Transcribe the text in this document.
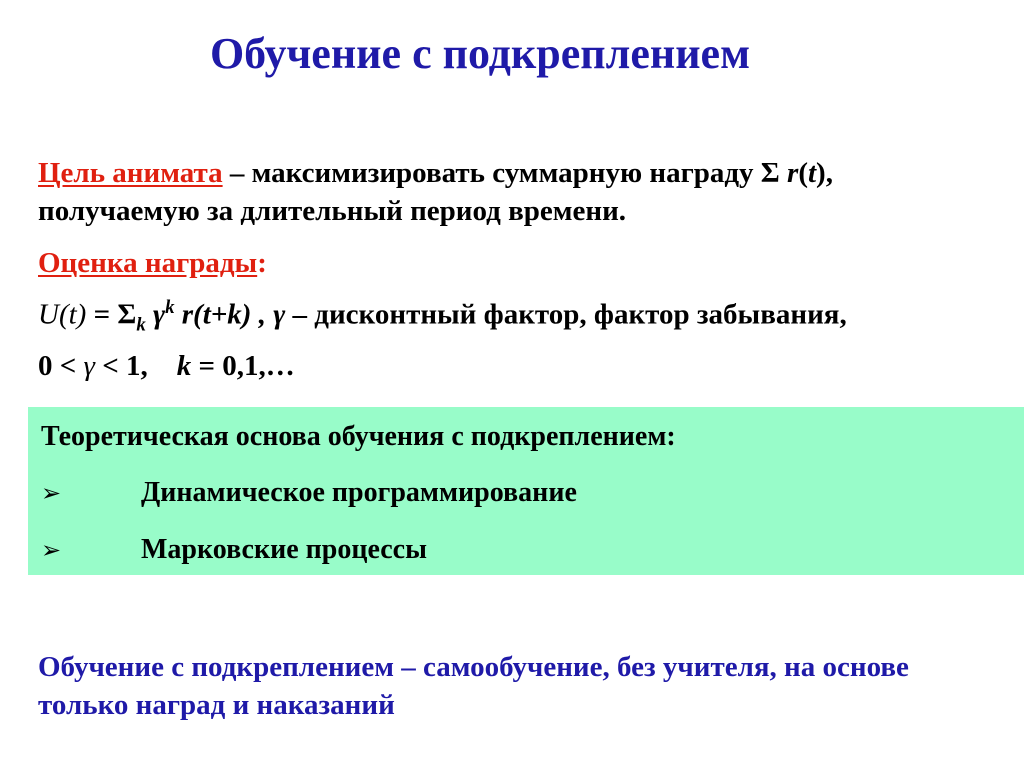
Обучение с подкреплением
Цель анимата – максимизировать суммарную награду Σ r(t),
получаемую за длительный период времени.
Оценка награды:
$U(t) = \Sigma_k$ $\gamma^k$ r(t+k) , γ – дисконтный фактор, фактор забывания,
0 < γ < 1,    k = 0,1,…
Теоретическая основа обучения с подкреплением:
➢	Динамическое программирование
➢	Марковские процессы
Обучение с подкреплением – самообучение, без учителя, на основе только наград и наказаний
